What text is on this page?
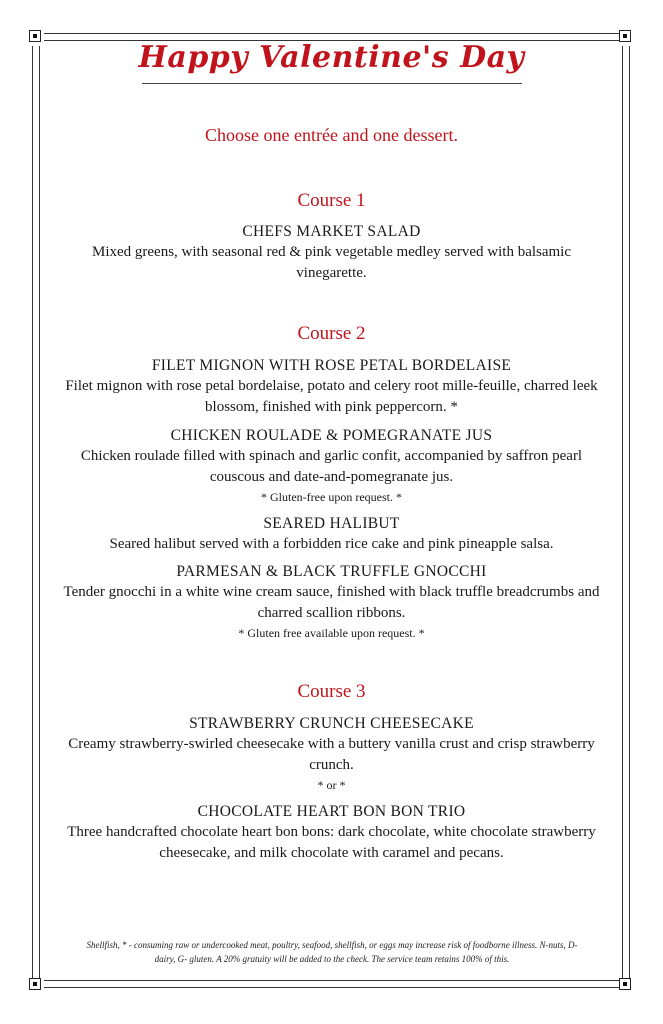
Happy Valentine's Day
Choose one entrée and one dessert.
Course 1
CHEFS MARKET SALAD
Mixed greens, with seasonal red & pink vegetable medley served with balsamic vinegarette.
Course 2
FILET MIGNON WITH ROSE PETAL BORDELAISE
Filet mignon with rose petal bordelaise, potato and celery root mille-feuille, charred leek blossom, finished with pink peppercorn. *
CHICKEN ROULADE & POMEGRANATE JUS
Chicken roulade filled with spinach and garlic confit, accompanied by saffron pearl couscous and date-and-pomegranate jus.
* Gluten-free upon request. *
SEARED HALIBUT
Seared halibut served with a forbidden rice cake and pink pineapple salsa.
PARMESAN & BLACK TRUFFLE GNOCCHI
Tender gnocchi in a white wine cream sauce, finished with black truffle breadcrumbs and charred scallion ribbons.
* Gluten free available upon request. *
Course 3
STRAWBERRY CRUNCH CHEESECAKE
Creamy strawberry-swirled cheesecake with a buttery vanilla crust and crisp strawberry crunch.
* or *
CHOCOLATE HEART BON BON TRIO
Three handcrafted chocolate heart bon bons: dark chocolate, white chocolate strawberry cheesecake, and milk chocolate with caramel and pecans.
Shellfish, * - consuming raw or undercooked meat, poultry, seafood, shellfish, or eggs may increase risk of foodborne illness. N-nuts, D-dairy, G- gluten. A 20% gratuity will be added to the check. The service team retains 100% of this.
